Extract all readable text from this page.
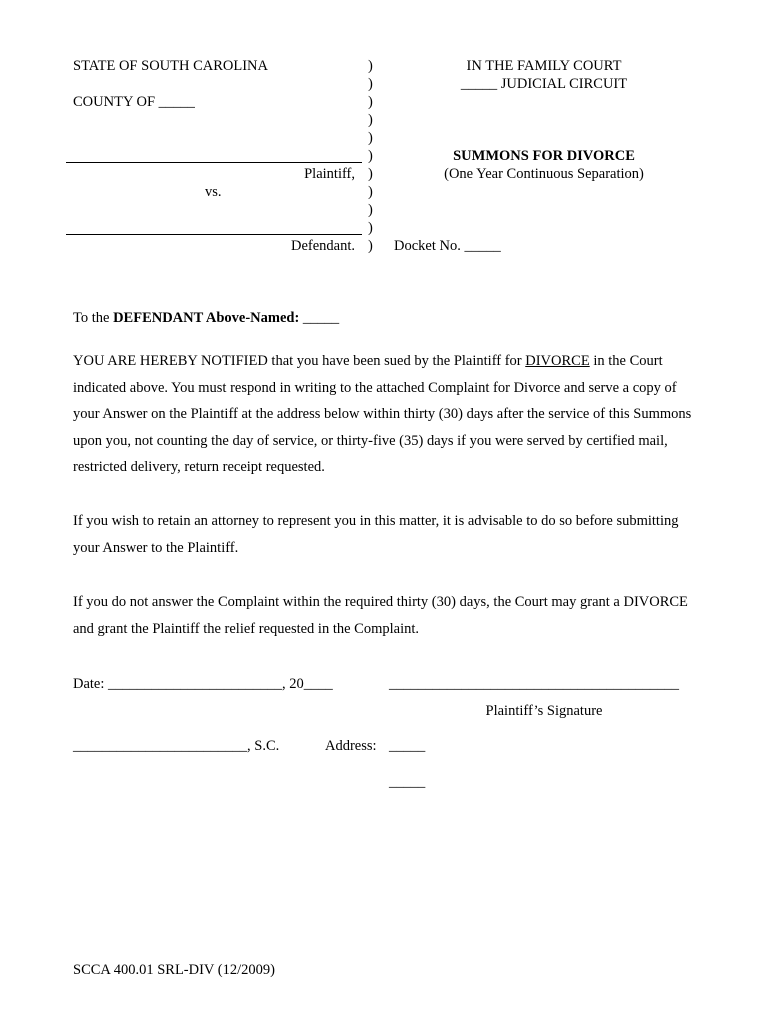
STATE OF SOUTH CAROLINA
COUNTY OF _____
Plaintiff,
vs.
Defendant.
)
)
)
)
)
)
)
)
)
)
)
IN THE FAMILY COURT
_____ JUDICIAL CIRCUIT
SUMMONS FOR DIVORCE
(One Year Continuous Separation)
Docket No. _____
To the DEFENDANT Above-Named: _____
YOU ARE HEREBY NOTIFIED that you have been sued by the Plaintiff for DIVORCE in the Court indicated above. You must respond in writing to the attached Complaint for Divorce and serve a copy of your Answer on the Plaintiff at the address below within thirty (30) days after the service of this Summons upon you, not counting the day of service, or thirty-five (35) days if you were served by certified mail, restricted delivery, return receipt requested.
If you wish to retain an attorney to represent you in this matter, it is advisable to do so before submitting your Answer to the Plaintiff.
If you do not answer the Complaint within the required thirty (30) days, the Court may grant a DIVORCE and grant the Plaintiff the relief requested in the Complaint.
Date: ________________________, 20____	________________________________________
Plaintiff’s Signature
________________________, S.C.	Address: _____
_____
SCCA 400.01 SRL-DIV (12/2009)
